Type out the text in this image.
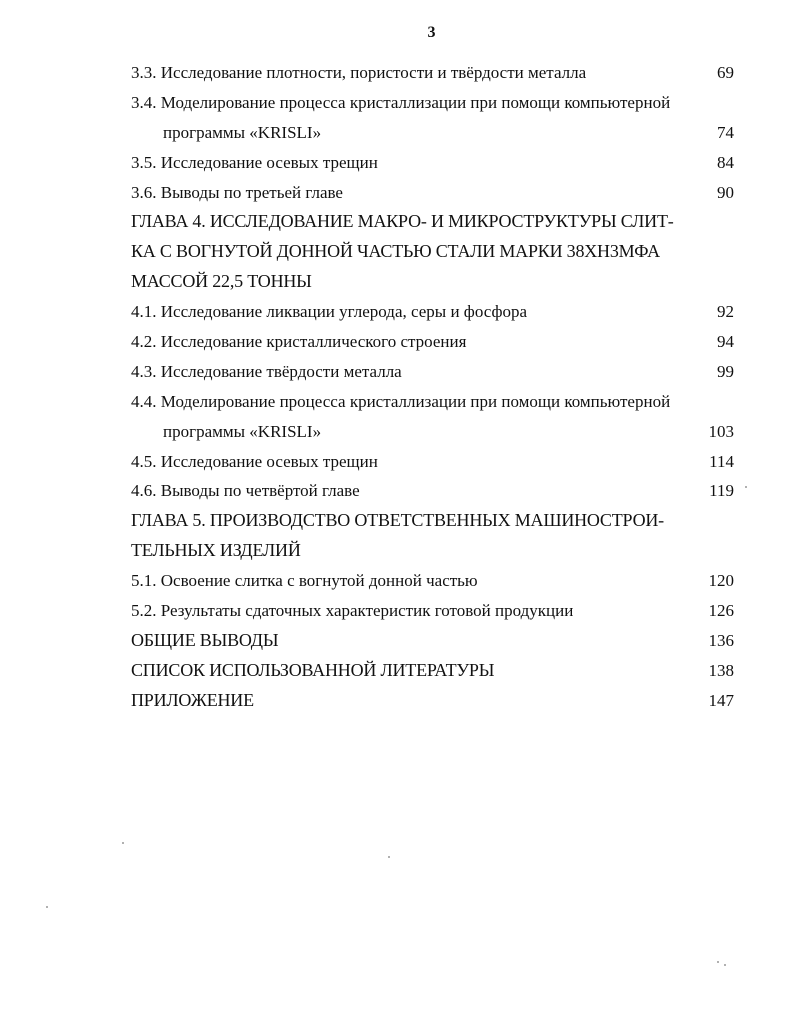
3
3.3. Исследование плотности, пористости и твёрдости металла	69
3.4. Моделирование процесса кристаллизации при помощи компьютерной
программы «KRISLI»	74
3.5. Исследование осевых трещин	84
3.6. Выводы по третьей главе	90
ГЛАВА 4. ИССЛЕДОВАНИЕ МАКРО- И МИКРОСТРУКТУРЫ СЛИТ-
КА С ВОГНУТОЙ ДОННОЙ ЧАСТЬЮ СТАЛИ МАРКИ 38ХН3МФА
МАССОЙ 22,5 ТОННЫ
4.1. Исследование ликвации углерода, серы и фосфора	92
4.2. Исследование кристаллического строения	94
4.3. Исследование твёрдости металла	99
4.4. Моделирование процесса кристаллизации при помощи компьютерной
программы «KRISLI»	103
4.5. Исследование осевых трещин	114
4.6. Выводы по четвёртой главе	119
ГЛАВА 5. ПРОИЗВОДСТВО ОТВЕТСТВЕННЫХ МАШИНОСТРОИ-
ТЕЛЬНЫХ ИЗДЕЛИЙ
5.1. Освоение слитка с вогнутой донной частью	120
5.2. Результаты сдаточных характеристик готовой продукции	126
ОБЩИЕ ВЫВОДЫ	136
СПИСОК ИСПОЛЬЗОВАННОЙ ЛИТЕРАТУРЫ	138
ПРИЛОЖЕНИЕ	147
